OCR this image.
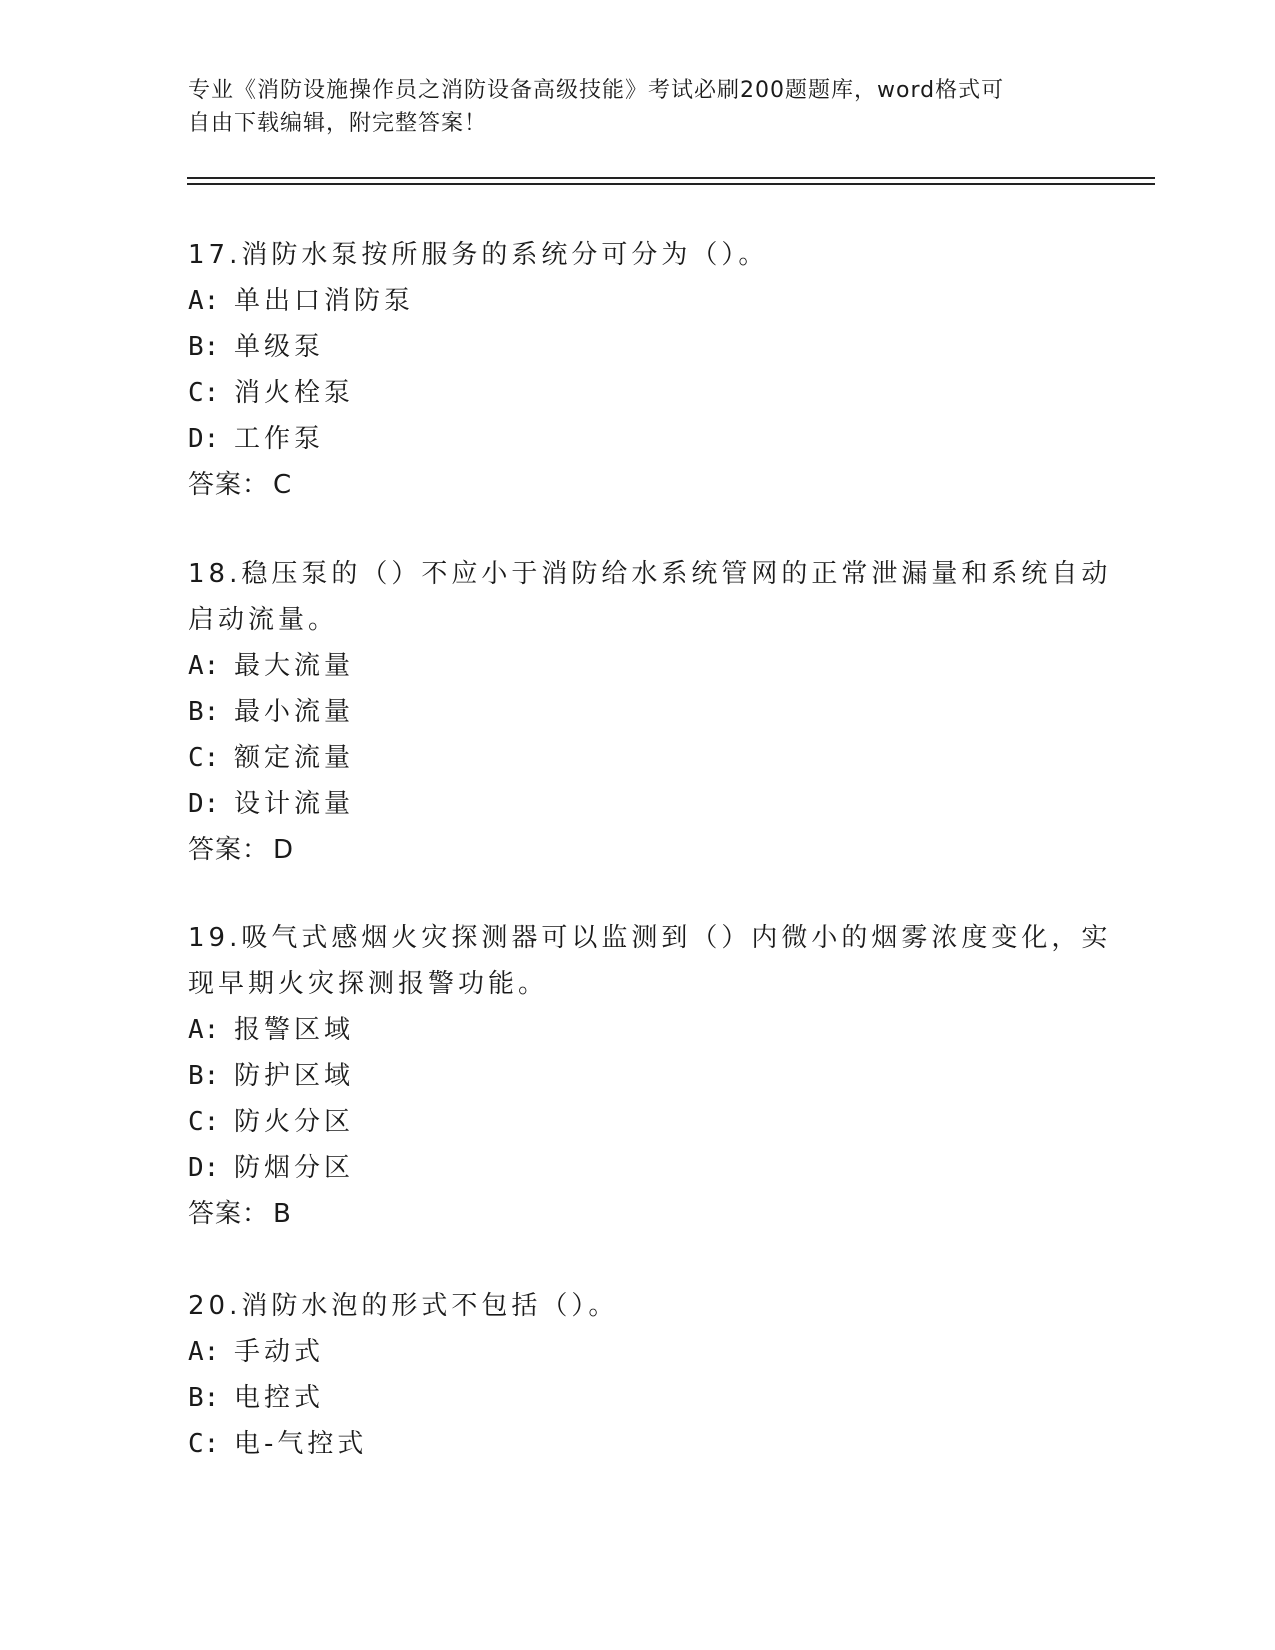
专业《消防设施操作员之消防设备高级技能》考试必刷200题题库，word格式可
自由下载编辑，附完整答案！
17.消防水泵按所服务的系统分可分为（）。
A: 单出口消防泵
B: 单级泵
C: 消火栓泵
D: 工作泵
答案： C
18.稳压泵的（）不应小于消防给水系统管网的正常泄漏量和系统自动
启动流量。
A: 最大流量
B: 最小流量
C: 额定流量
D: 设计流量
答案： D
19.吸气式感烟火灾探测器可以监测到（）内微小的烟雾浓度变化，实
现早期火灾探测报警功能。
A: 报警区域
B: 防护区域
C: 防火分区
D: 防烟分区
答案： B
20.消防水泡的形式不包括（）。
A: 手动式
B: 电控式
C: 电-气控式
